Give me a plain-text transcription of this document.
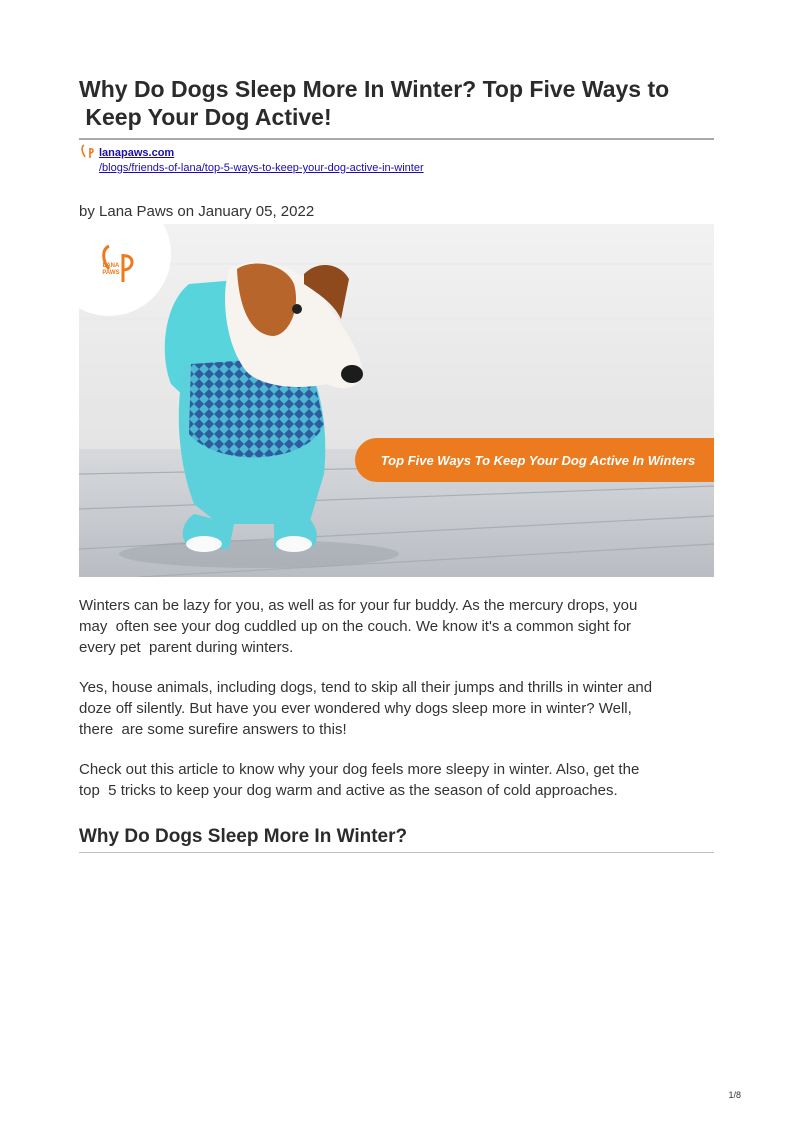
Why Do Dogs Sleep More In Winter? Top Five Ways to
Keep Your Dog Active!
lanapaws.com
/blogs/friends-of-lana/top-5-ways-to-keep-your-dog-active-in-winter
by Lana Paws on January 05, 2022
LANA
PAWS
Top Five Ways To Keep Your Dog Active In Winters

Winters can be lazy for you, as well as for your fur buddy. As the mercury drops, you
may  often see your dog cuddled up on the couch. We know it's a common sight for
every pet  parent during winters.

Yes, house animals, including dogs, tend to skip all their jumps and thrills in winter and
doze off silently. But have you ever wondered why dogs sleep more in winter? Well,
there  are some surefire answers to this!

Check out this article to know why your dog feels more sleepy in winter. Also, get the
top  5 tricks to keep your dog warm and active as the season of cold approaches.

Why Do Dogs Sleep More In Winter?
1/8
